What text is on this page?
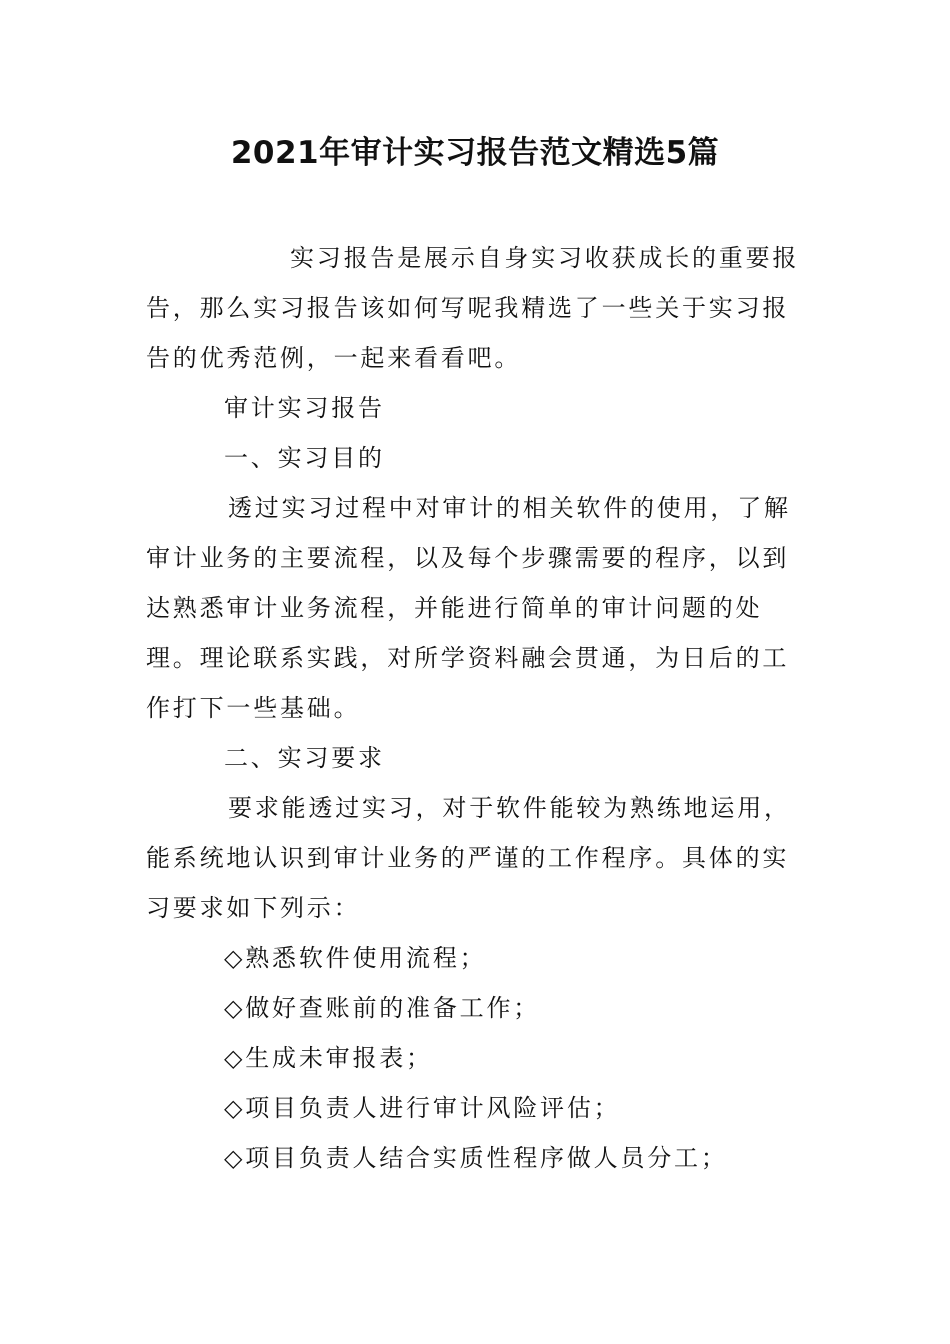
2021年审计实习报告范文精选5篇

实习报告是展示自身实习收获成长的重要报告，那么实习报告该如何写呢我精选了一些关于实习报告的优秀范例，一起来看看吧。

审计实习报告

一、实习目的

透过实习过程中对审计的相关软件的使用，了解审计业务的主要流程，以及每个步骤需要的程序，以到达熟悉审计业务流程，并能进行简单的审计问题的处理。理论联系实践，对所学资料融会贯通，为日后的工作打下一些基础。

二、实习要求

要求能透过实习，对于软件能较为熟练地运用，能系统地认识到审计业务的严谨的工作程序。具体的实习要求如下列示：

◇熟悉软件使用流程；

◇做好查账前的准备工作；

◇生成未审报表；

◇项目负责人进行审计风险评估；

◇项目负责人结合实质性程序做人员分工；
